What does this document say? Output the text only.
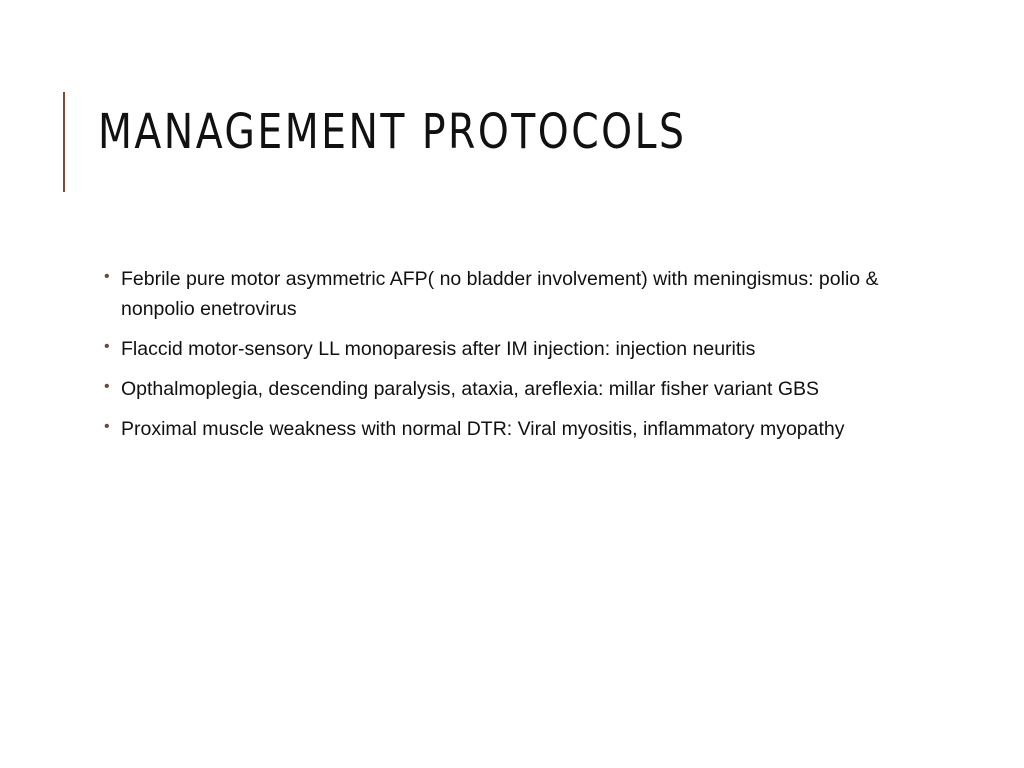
MANAGEMENT PROTOCOLS
• Febrile pure motor asymmetric AFP( no bladder involvement) with meningismus: polio & nonpolio enetrovirus
• Flaccid motor-sensory LL monoparesis after IM injection: injection neuritis
• Opthalmoplegia, descending paralysis, ataxia, areflexia: millar fisher variant GBS
• Proximal muscle weakness with normal DTR: Viral myositis, inflammatory myopathy
